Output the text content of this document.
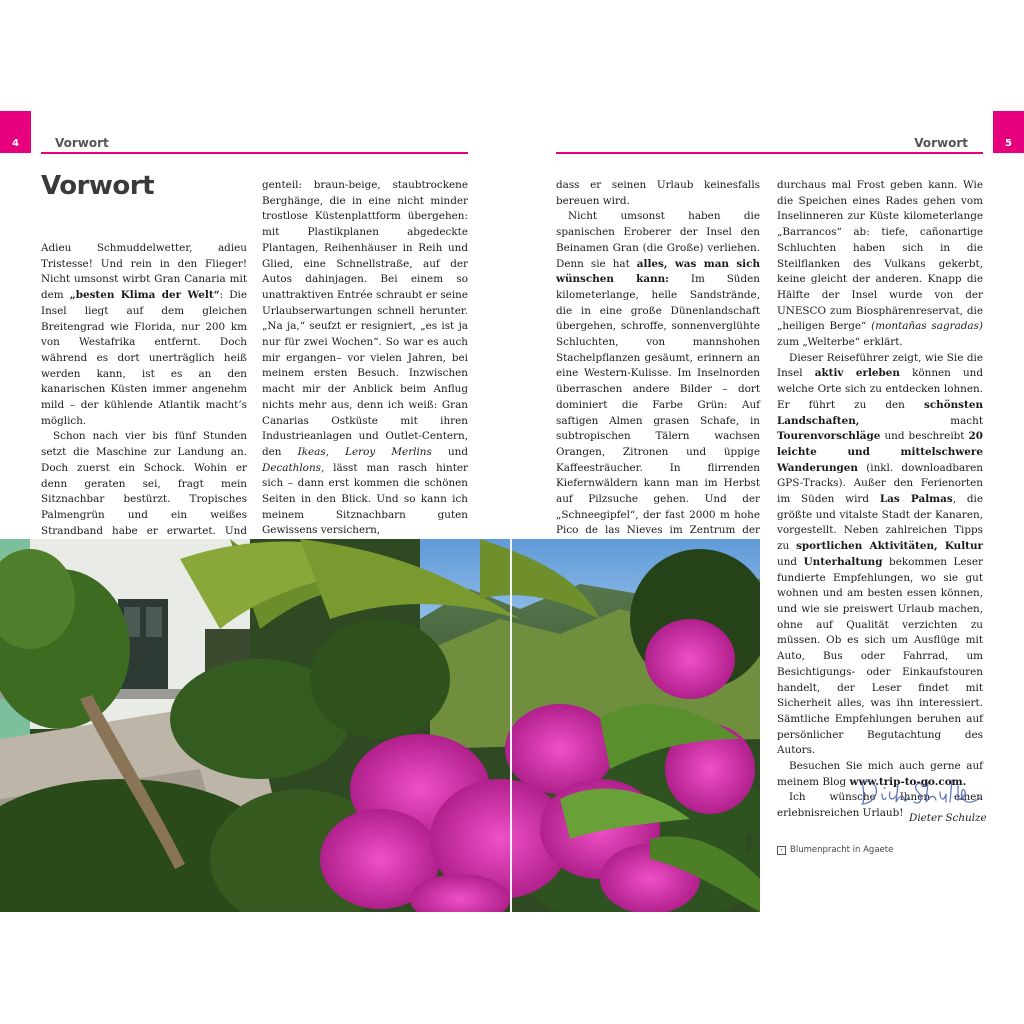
4	Vorwort	Vorwort	5
Vorwort

Adieu Schmuddelwetter, adieu Tristesse! Und rein in den Flieger! Nicht umsonst wirbt Gran Canaria mit dem „besten Klima der Welt“: Die Insel liegt auf dem gleichen Breitengrad wie Florida, nur 200 km von Westafrika entfernt. Doch während es dort unerträglich heiß werden kann, ist es an den kanarischen Küsten immer angenehm mild – der kühlende Atlantik macht’s möglich.

Schon nach vier bis fünf Stunden setzt die Maschine zur Landung an. Doch zuerst ein Schock. Wohin er denn geraten sei, fragt mein Sitznachbar bestürzt. Tropisches Palmengrün und ein weißes Strandband habe er erwartet. Und

genteil: braun-beige, staubtrockene Berghänge, die in eine nicht minder trostlose Küstenplattform übergehen: mit Plastikplanen abgedeckte Plantagen, Reihenhäuser in Reih und Glied, eine Schnellstraße, auf der Autos dahinjagen. Bei einem so unattraktiven Entrée schraubt er seine Urlaubserwartungen schnell herunter. „Na ja,“ seufzt er resigniert, „es ist ja nur für zwei Wochen“. So war es auch mir ergangen– vor vielen Jahren, bei meinem ersten Besuch. Inzwischen macht mir der Anblick beim Anflug nichts mehr aus, denn ich weiß: Gran Canarias Ostküste mit ihren Industrieanlagen und Outlet-Centern, den Ikeas, Leroy Merlins und Decathlons, lässt man rasch hinter sich – dann erst kommen die schönen Seiten in den Blick. Und so kann ich meinem Sitznachbarn guten Gewissens versichern,

dass er seinen Urlaub keinesfalls bereuen wird.

Nicht umsonst haben die spanischen Eroberer der Insel den Beinamen Gran (die Große) verliehen. Denn sie hat alles, was man sich wünschen kann: Im Süden kilometerlange, helle Sandstrände, die in eine große Dünenlandschaft übergehen, schroffe, sonnenverglühte Schluchten, von mannshohen Stachelpflanzen gesäumt, erinnern an eine Western-Kulisse. Im Inselnorden überraschen andere Bilder – dort dominiert die Farbe Grün: Auf saftigen Almen grasen Schafe, in subtropischen Tälern wachsen Orangen, Zitronen und üppige Kaffeesträucher. In flirrenden Kiefernwäldern kann man im Herbst auf Pilzsuche gehen. Und der „Schneegipfel“, der fast 2000 m hohe Pico de las Nieves im Zentrum der

durchaus mal Frost geben kann. Wie die Speichen eines Rades gehen vom Inselinneren zur Küste kilometerlange „Barrancos“ ab: tiefe, cañonartige Schluchten haben sich in die Steilflanken des Vulkans gekerbt, keine gleicht der anderen. Knapp die Hälfte der Insel wurde von der UNESCO zum Biosphärenreservat, die „heiligen Berge“ (montañas sagradas) zum „Welterbe“ erklärt.

Dieser Reiseführer zeigt, wie Sie die Insel aktiv erleben können und welche Orte sich zu entdecken lohnen. Er führt zu den schönsten Landschaften, macht Tourenvorschläge und beschreibt 20 leichte und mittelschwere Wanderungen (inkl. downloadbaren GPS-Tracks). Außer den Ferienorten im Süden wird Las Palmas, die größte und vitalste Stadt der Kanaren, vorgestellt. Neben zahlreichen Tipps zu sportlichen Aktivitäten, Kultur und Unterhaltung bekommen Leser fundierte Empfehlungen, wo sie gut wohnen und am besten essen können, und wie sie preiswert Urlaub machen, ohne auf Qualität verzichten zu müssen. Ob es sich um Ausflüge mit Auto, Bus oder Fahrrad, um Besichtigungs- oder Einkaufstouren handelt, der Leser findet mit Sicherheit alles, was ihn interessiert. Sämtliche Empfehlungen beruhen auf persönlicher Begutachtung des Autors.

Besuchen Sie mich auch gerne auf meinem Blog www.trip-to-go.com.

Ich wünsche Ihnen einen erlebnisreichen Urlaub!

086gs	‹ Blumenpracht in Agaete
Dieter Schulze
